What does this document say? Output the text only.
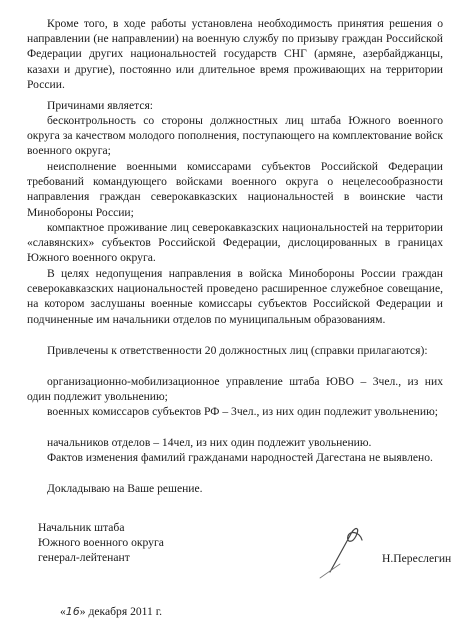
Кроме того, в ходе работы установлена необходимость принятия решения о направлении (не направлении) на военную службу по призыву граждан Российской Федерации других национальностей государств СНГ (армяне, азербайджанцы, казахи и другие), постоянно или длительное время проживающих на территории России.

Причинами является:

бесконтрольность со стороны должностных лиц штаба Южного военного округа за качеством молодого пополнения, поступающего на комплектование войск военного округа;

неисполнение военными комиссарами субъектов Российской Федерации требований командующего войсками военного округа о нецелесообразности направления граждан северокавказских национальностей в воинские части Минобороны России;

компактное проживание лиц северокавказских национальностей на территории «славянских» субъектов Российской Федерации, дислоцированных в границах Южного военного округа.

В целях недопущения направления в войска Минобороны России граждан северокавказских национальностей проведено расширенное служебное совещание, на котором заслушаны военные комиссары субъектов Российской Федерации и подчиненные им начальники отделов по муниципальным образованиям.

Привлечены к ответственности 20 должностных лиц (справки прилагаются):

организационно-мобилизационное управление штаба ЮВО – 3чел., из них один подлежит увольнению;

военных комиссаров субъектов РФ – 3чел., из них один подлежит увольнению;

начальников отделов – 14чел, из них один подлежит увольнению.

Фактов изменения фамилий гражданами народностей Дагестана не выявлено.

Докладываю на Ваше решение.

Начальник штаба
Южного военного округа
генерал-лейтенант	Н.Переслегин
«16» декабря 2011 г.
